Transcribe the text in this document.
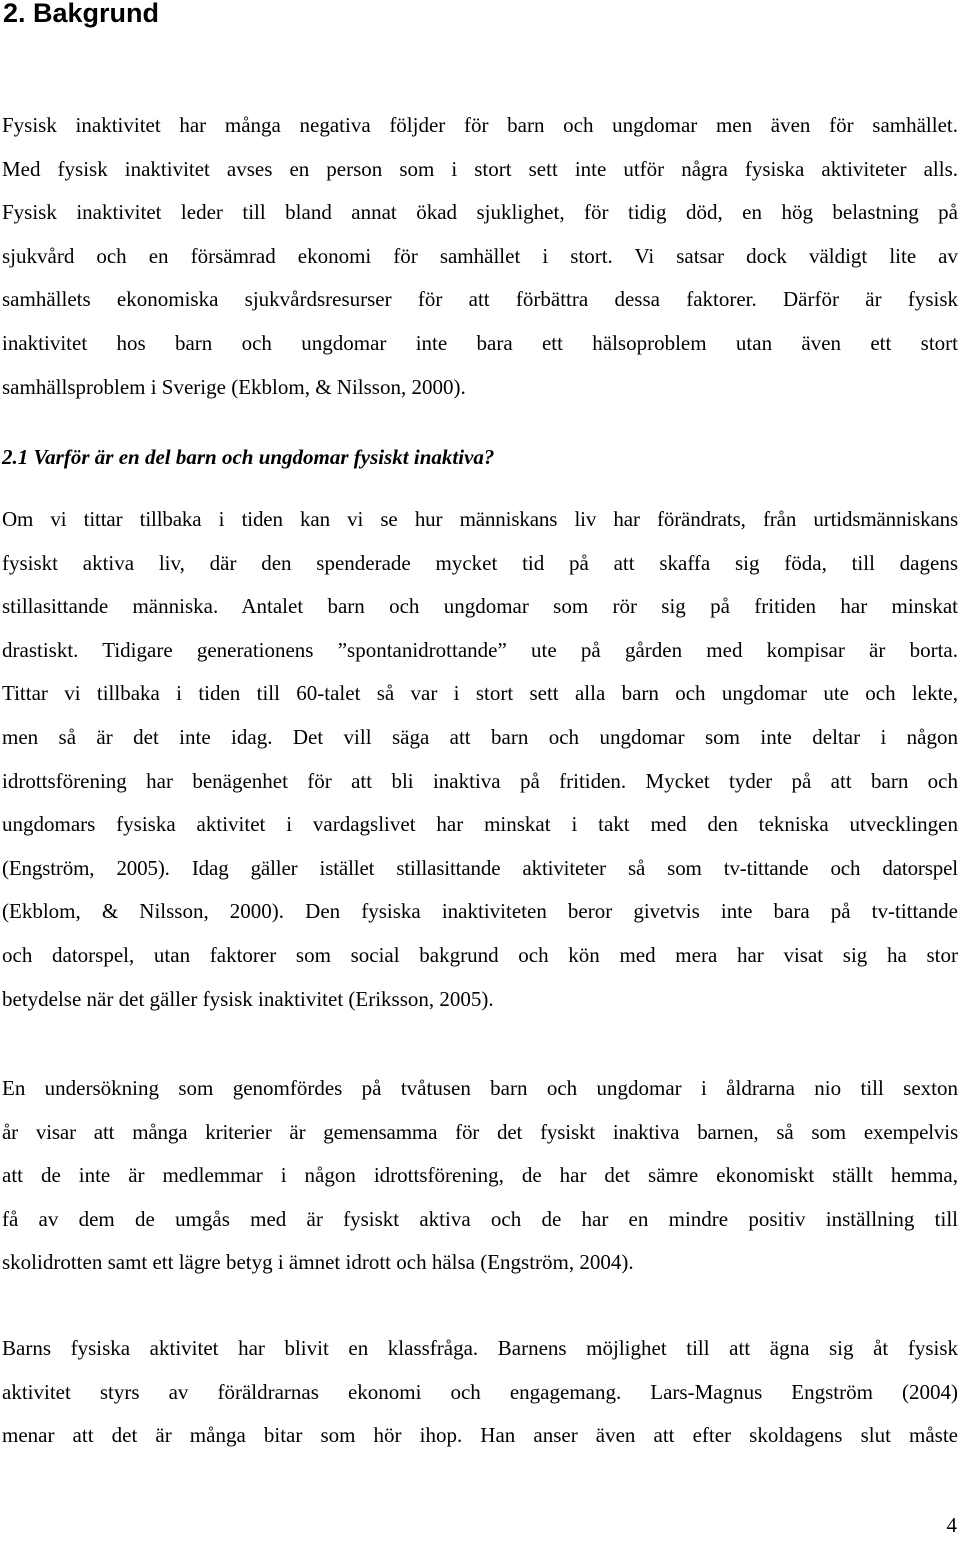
2. Bakgrund

Fysisk inaktivitet har många negativa följder för barn och ungdomar men även för samhället.
Med fysisk inaktivitet avses en person som i stort sett inte utför några fysiska aktiviteter alls.
Fysisk inaktivitet leder till bland annat ökad sjuklighet, för tidig död, en hög belastning på
sjukvård och en försämrad ekonomi för samhället i stort. Vi satsar dock väldigt lite av
samhällets ekonomiska sjukvårdsresurser för att förbättra dessa faktorer. Därför är fysisk
inaktivitet hos barn och ungdomar inte bara ett hälsoproblem utan även ett stort
samhällsproblem i Sverige (Ekblom, & Nilsson, 2000).

2.1 Varför är en del barn och ungdomar fysiskt inaktiva?

Om vi tittar tillbaka i tiden kan vi se hur människans liv har förändrats, från urtidsmänniskans
fysiskt aktiva liv, där den spenderade mycket tid på att skaffa sig föda, till dagens
stillasittande människa. Antalet barn och ungdomar som rör sig på fritiden har minskat
drastiskt. Tidigare generationens ”spontanidrottande” ute på gården med kompisar är borta.
Tittar vi tillbaka i tiden till 60-talet så var i stort sett alla barn och ungdomar ute och lekte,
men så är det inte idag. Det vill säga att barn och ungdomar som inte deltar i någon
idrottsförening har benägenhet för att bli inaktiva på fritiden. Mycket tyder på att barn och
ungdomars fysiska aktivitet i vardagslivet har minskat i takt med den tekniska utvecklingen
(Engström, 2005). Idag gäller istället stillasittande aktiviteter så som tv-tittande och datorspel
(Ekblom, & Nilsson, 2000). Den fysiska inaktiviteten beror givetvis inte bara på tv-tittande
och datorspel, utan faktorer som social bakgrund och kön med mera har visat sig ha stor
betydelse när det gäller fysisk inaktivitet (Eriksson, 2005).

En undersökning som genomfördes på tvåtusen barn och ungdomar i åldrarna nio till sexton
år visar att många kriterier är gemensamma för det fysiskt inaktiva barnen, så som exempelvis
att de inte är medlemmar i någon idrottsförening, de har det sämre ekonomiskt ställt hemma,
få av dem de umgås med är fysiskt aktiva och de har en mindre positiv inställning till
skolidrotten samt ett lägre betyg i ämnet idrott och hälsa (Engström, 2004).

Barns fysiska aktivitet har blivit en klassfråga. Barnens möjlighet till att ägna sig åt fysisk
aktivitet styrs av föräldrarnas ekonomi och engagemang. Lars-Magnus Engström (2004)
menar att det är många bitar som hör ihop. Han anser även att efter skoldagens slut måste

4
